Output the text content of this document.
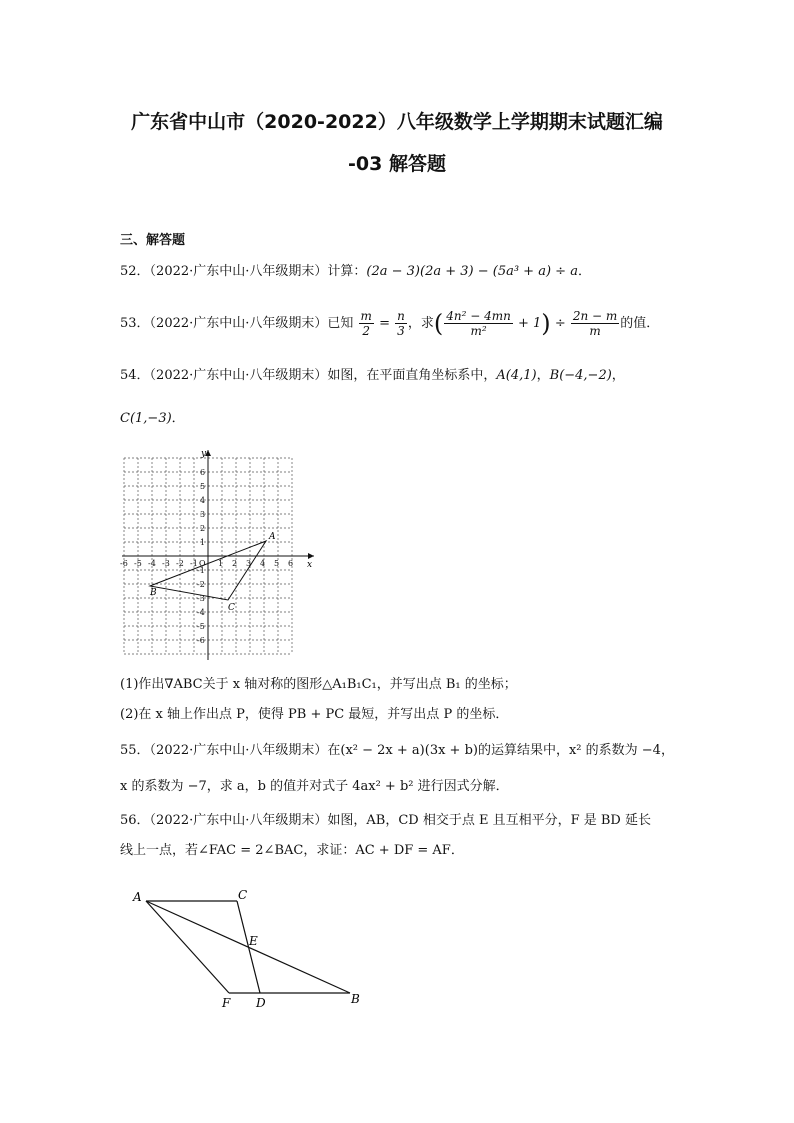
广东省中山市（2020-2022）八年级数学上学期期末试题汇编
-03 解答题
三、解答题
52．（2022·广东中山·八年级期末）计算：(2a − 3)(2a + 3) − (5a³ + a) ÷ a．
53．（2022·广东中山·八年级期末）已知 $\frac{m}{2} = \frac{n}{3}$ ，求( $\frac{\text{4n² − 4mn}}{\text{m²}} + 1) \div \frac{2n - m}{m}$ 的值．
54．（2022·广东中山·八年级期末）如图，在平面直角坐标系中，A(4,1)，B(−4,−2)，
C(1,−3)．
-6 -5 -4 -3 -2 -1 O 1 2 3 4 5 6
6
5
4
3
2
1
-1
-2
-3
-4
-5
-6
x
y
A
B
C
(1)作出∇ABC关于 x 轴对称的图形△A₁B₁C₁，并写出点 B₁ 的坐标；
(2)在 x 轴上作出点 P，使得 PB + PC 最短，并写出点 P 的坐标．
55．（2022·广东中山·八年级期末）在(x² − 2x + a)(3x + b)的运算结果中，x² 的系数为 −4，
x 的系数为 −7，求 a，b 的值并对式子 4ax² + b² 进行因式分解．
56．（2022·广东中山·八年级期末）如图，AB，CD 相交于点 E 且互相平分，F 是 BD 延长
线上一点，若∠FAC = 2∠BAC，求证：AC + DF = AF．
A	C
E
F D	B
